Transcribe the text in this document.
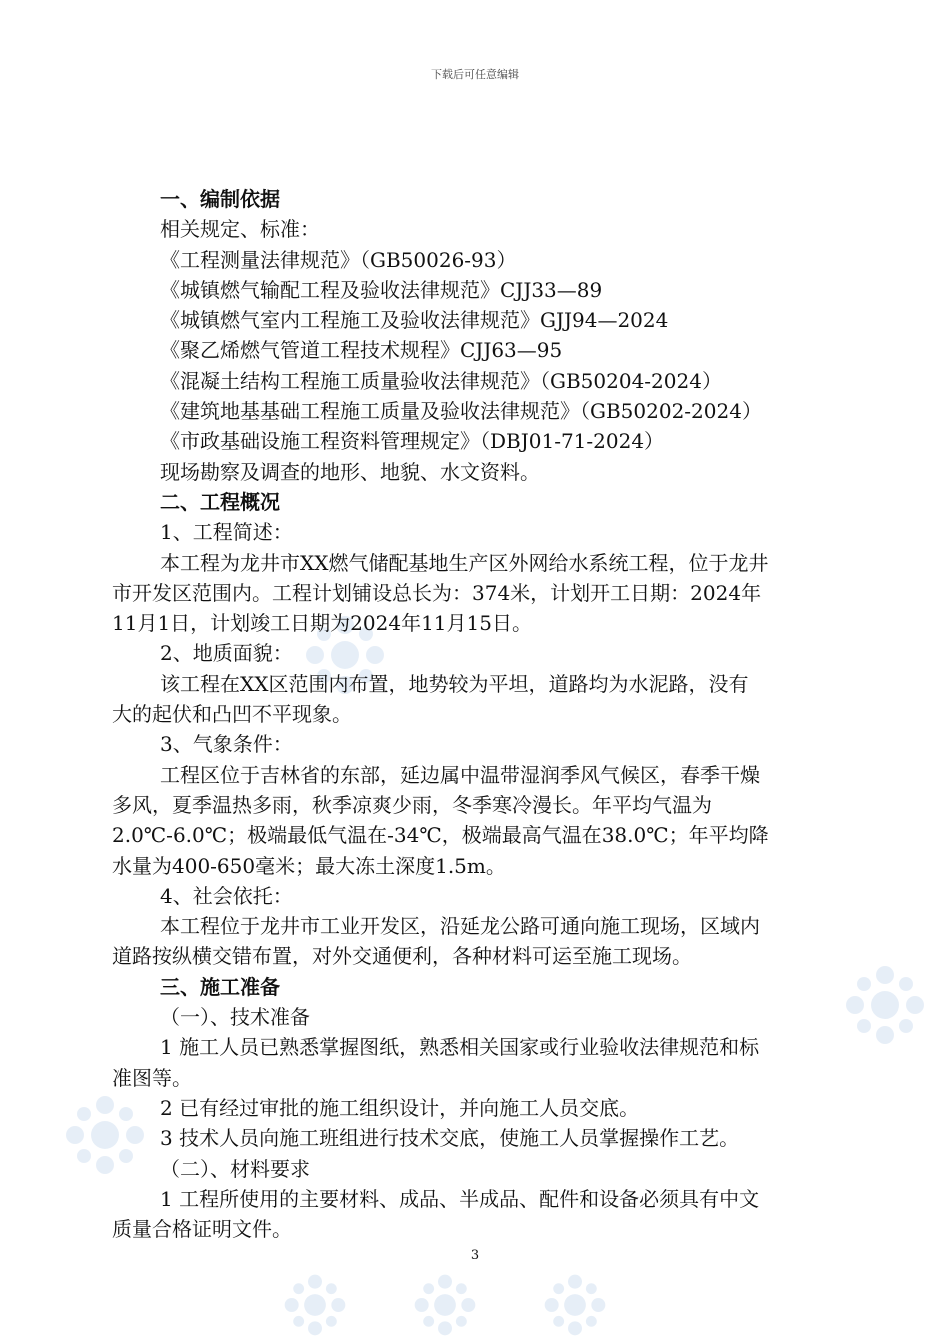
下载后可任意编辑
一、编制依据
相关规定、标准：
《工程测量法律规范》（GB50026-93）
《城镇燃气输配工程及验收法律规范》CJJ33—89
《城镇燃气室内工程施工及验收法律规范》GJJ94—2024
《聚乙烯燃气管道工程技术规程》CJJ63—95
《混凝土结构工程施工质量验收法律规范》（GB50204-2024）
《建筑地基基础工程施工质量及验收法律规范》（GB50202-2024）
《市政基础设施工程资料管理规定》（DBJ01-71-2024）
现场勘察及调查的地形、地貌、水文资料。
二、工程概况
1、工程简述：
本工程为龙井市XX燃气储配基地生产区外网给水系统工程，位于龙井
市开发区范围内。工程计划铺设总长为：374米，计划开工日期：2024年
11月1日，计划竣工日期为2024年11月15日。
2、地质面貌：
该工程在XX区范围内布置，地势较为平坦，道路均为水泥路，没有
大的起伏和凸凹不平现象。
3、气象条件：
工程区位于吉林省的东部，延边属中温带湿润季风气候区，春季干燥
多风，夏季温热多雨，秋季凉爽少雨，冬季寒冷漫长。年平均气温为
2.0℃-6.0℃；极端最低气温在-34℃，极端最高气温在38.0℃；年平均降
水量为400-650毫米；最大冻土深度1.5m。
4、社会依托：
本工程位于龙井市工业开发区，沿延龙公路可通向施工现场，区域内
道路按纵横交错布置，对外交通便利，各种材料可运至施工现场。
三、施工准备
（一）、技术准备
1 施工人员已熟悉掌握图纸，熟悉相关国家或行业验收法律规范和标
准图等。
2 已有经过审批的施工组织设计，并向施工人员交底。
3 技术人员向施工班组进行技术交底，使施工人员掌握操作工艺。
（二）、材料要求
1 工程所使用的主要材料、成品、半成品、配件和设备必须具有中文
质量合格证明文件。
3
